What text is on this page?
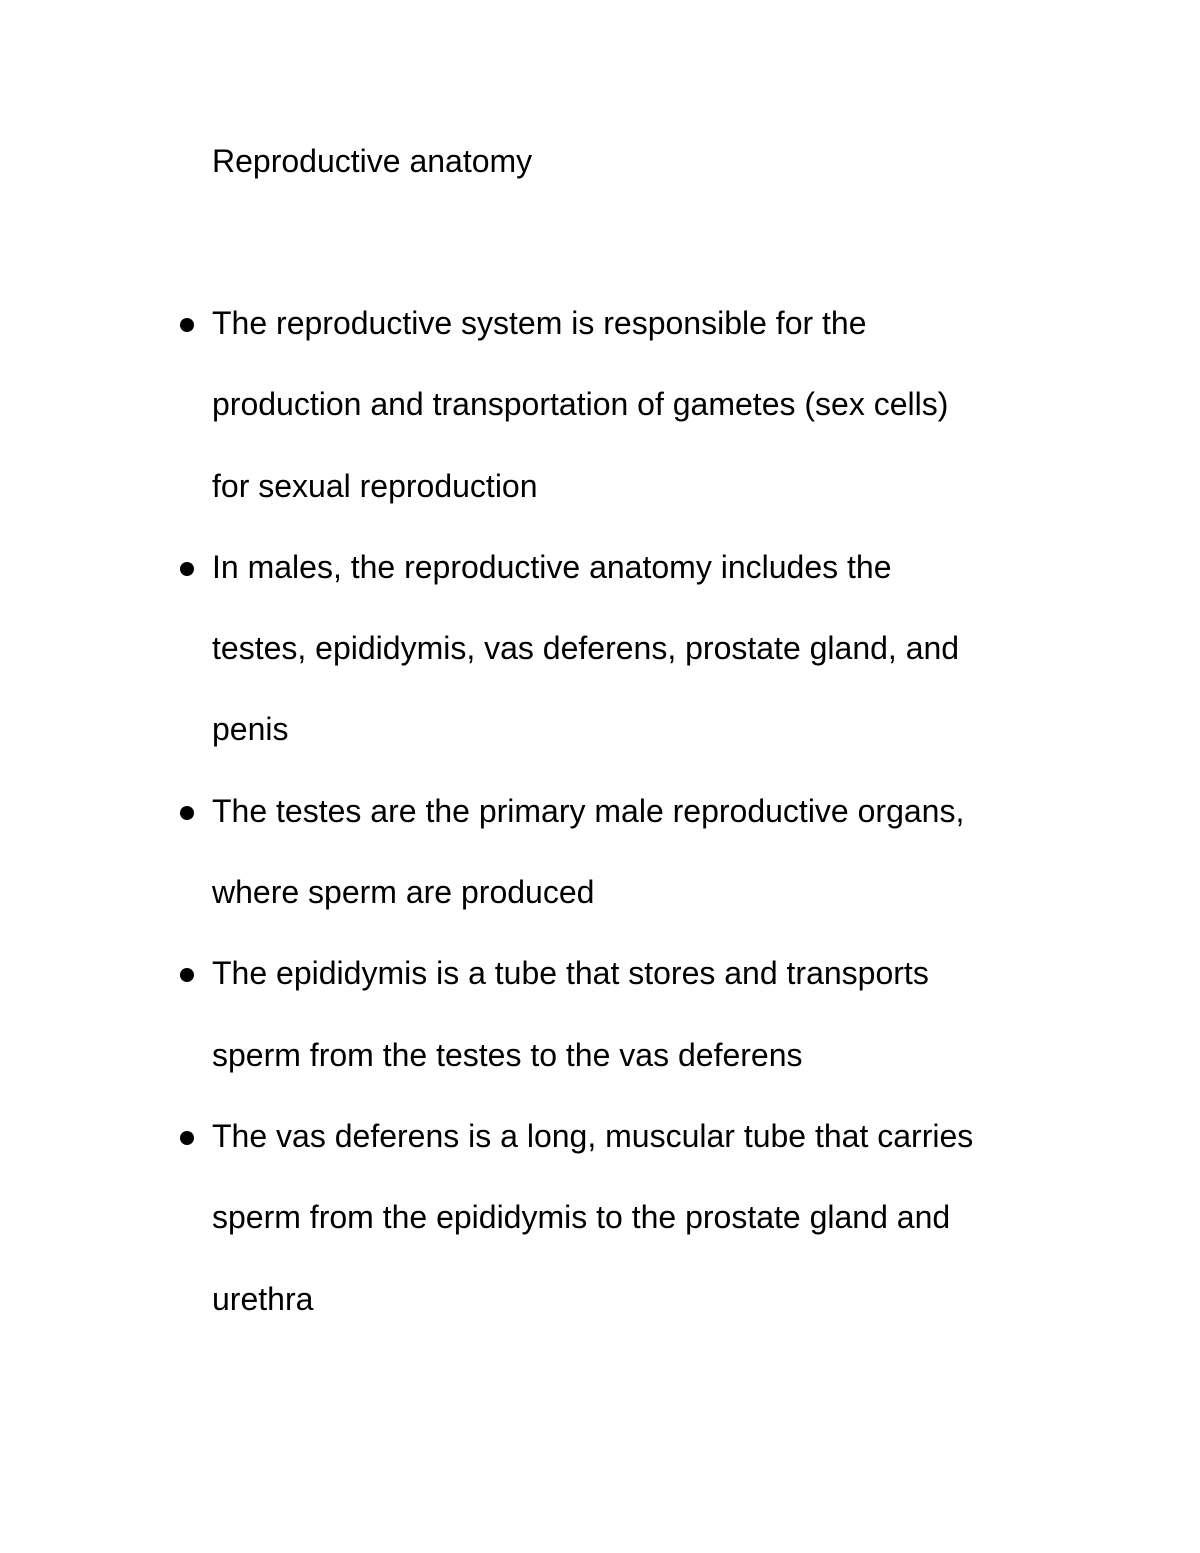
Reproductive anatomy
The reproductive system is responsible for the
production and transportation of gametes (sex cells)
for sexual reproduction
In males, the reproductive anatomy includes the
testes, epididymis, vas deferens, prostate gland, and
penis
The testes are the primary male reproductive organs,
where sperm are produced
The epididymis is a tube that stores and transports
sperm from the testes to the vas deferens
The vas deferens is a long, muscular tube that carries
sperm from the epididymis to the prostate gland and
urethra
